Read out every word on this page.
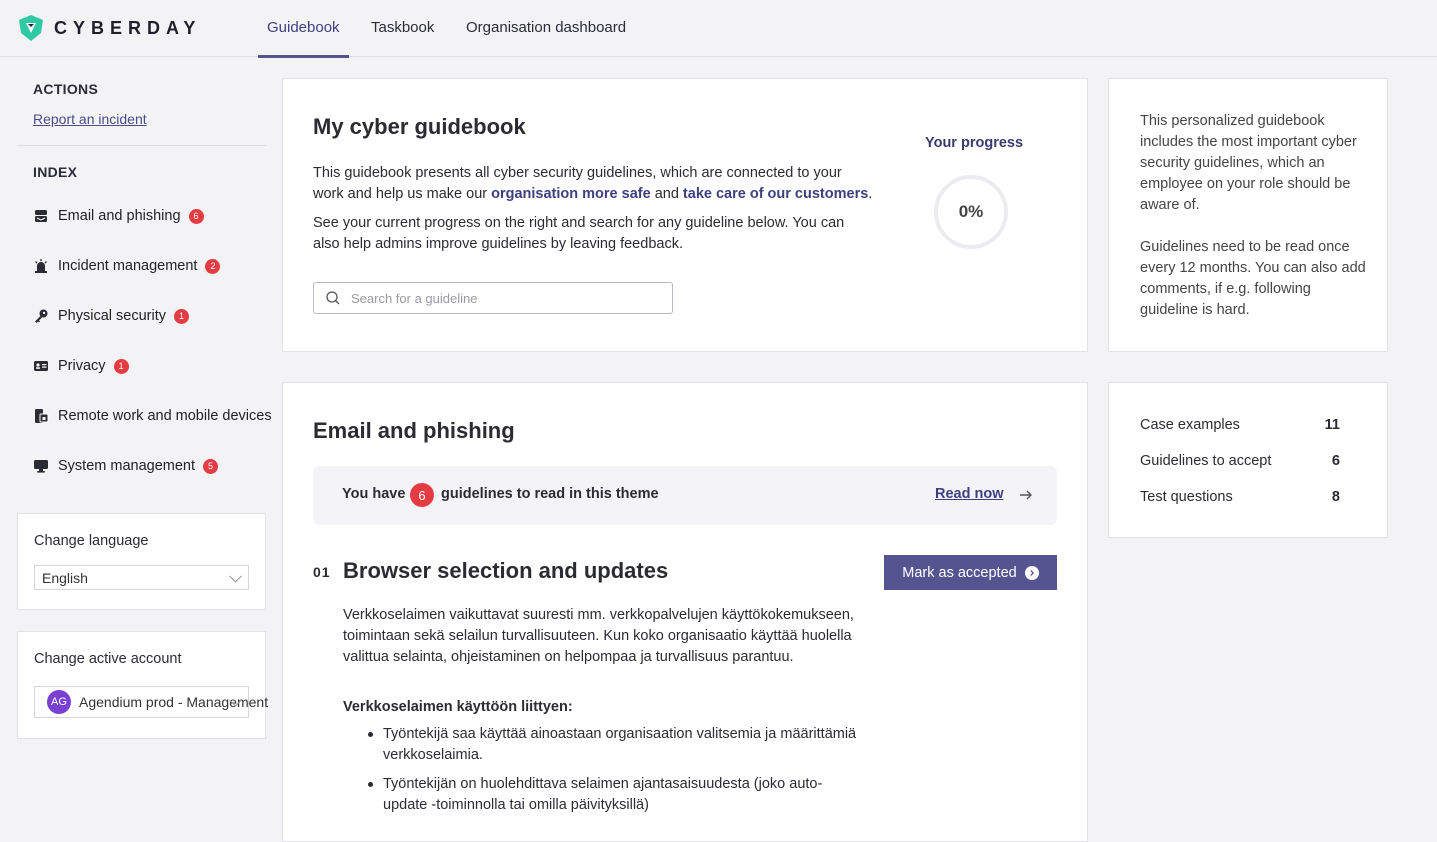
CYBERDAY	Guidebook Taskbook Organisation dashboard
ACTIONS
Report an incident
INDEX
Email and phishing	6
Incident management	2
Physical security	1
Privacy	1
Remote work and mobile devices
System management	5
Change language
English
Change active account
AG Agendium prod - Management
My cyber guidebook
This guidebook presents all cyber security guidelines, which are connected to your work and help us make our organisation more safe and take care of our customers.
See your current progress on the right and search for any guideline below. You can also help admins improve guidelines by leaving feedback.
Search for a guideline
Your progress
0%
Email and phishing
You have 6	guidelines to read in this theme	Read now
01 Browser selection and updates	Mark as accepted
Verkkoselaimen vaikuttavat suuresti mm. verkkopalvelujen käyttökokemukseen, toimintaan sekä selailun turvallisuuteen. Kun koko organisaatio käyttää huolella valittua selainta, ohjeistaminen on helpompaa ja turvallisuus parantuu.
Verkkoselaimen käyttöön liittyen:
Työntekijä saa käyttää ainoastaan organisaation valitsemia ja määrittämiä verkkoselaimia.
Työntekijän on huolehdittava selaimen ajantasaisuudesta (joko auto-update -toiminnolla tai omilla päivityksillä)
This personalized guidebook includes the most important cyber security guidelines, which an employee on your role should be aware of.
Guidelines need to be read once every 12 months. You can also add comments, if e.g. following guideline is hard.
Case examples	11
Guidelines to accept	6
Test questions	8
